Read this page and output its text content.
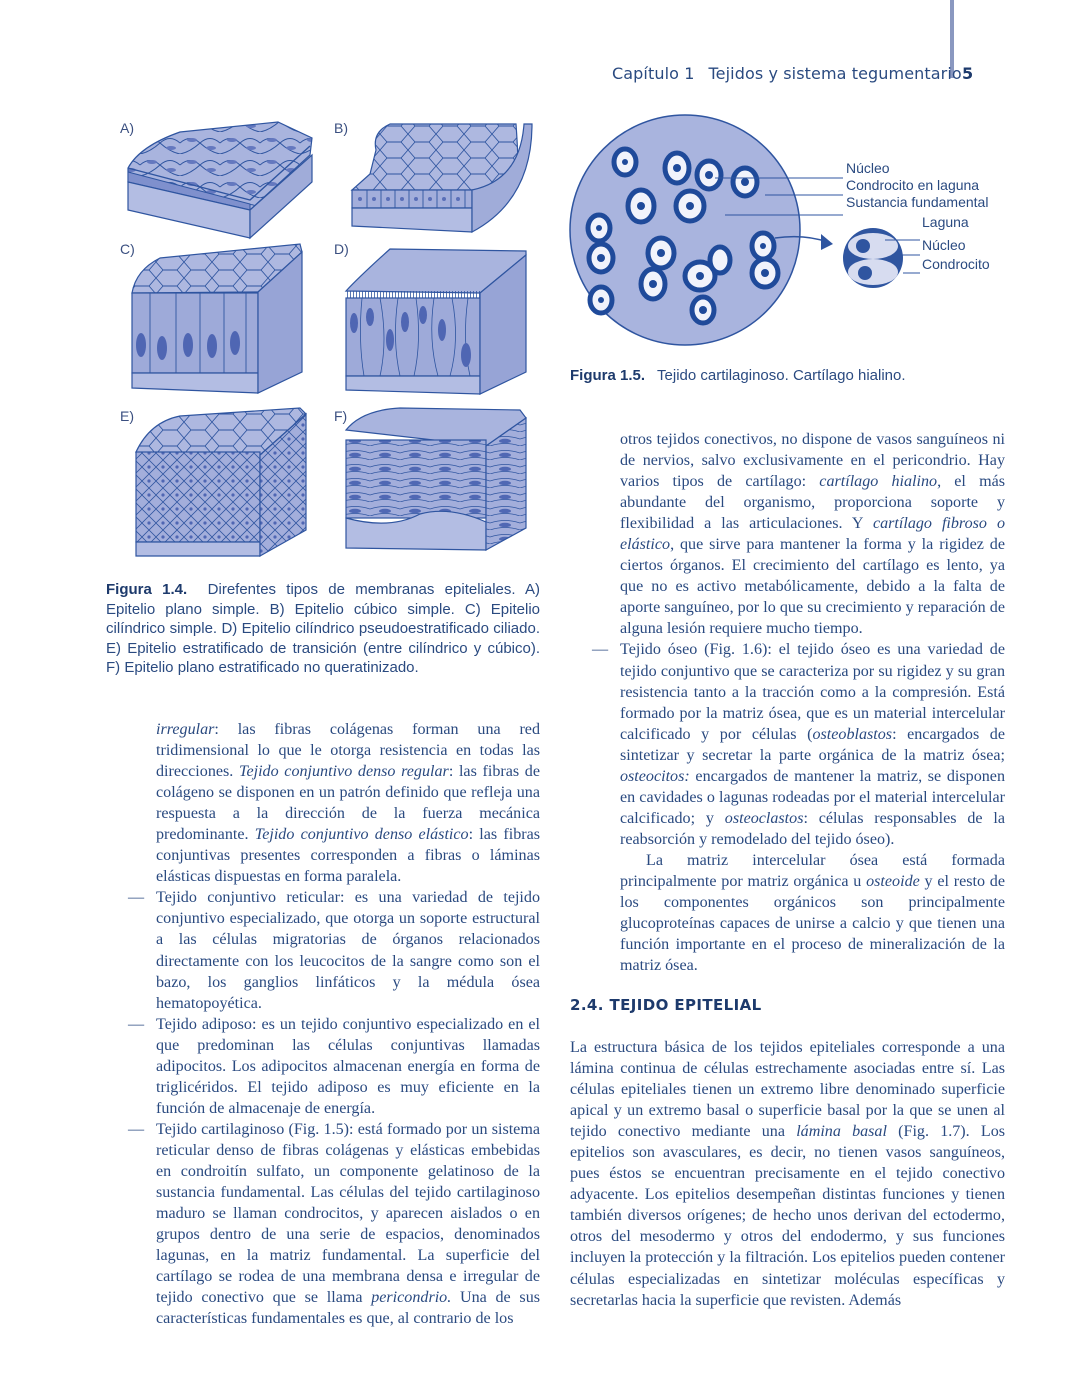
Capítulo 1 Tejidos y sistema tegumentario 5
A)	B)
C)	D)
E)	F)
Figura 1.4. Direfentes tipos de membranas epiteliales. A) Epitelio plano simple. B) Epitelio cúbico simple. C) Epitelio cilíndrico simple. D) Epitelio cilíndrico pseudoestratificado ciliado. E) Epitelio estratificado de transición (entre cilíndrico y cúbico). F) Epitelio plano estratificado no queratinizado.
Núcleo
Condrocito en laguna
Sustancia fundamental
Laguna
Núcleo
Condrocito
Figura 1.5. Tejido cartilaginoso. Cartílago hialino.

irregular: las fibras colágenas forman una red tridimensional lo que le otorga resistencia en todas las direcciones. Tejido conjuntivo denso regular: las fibras de colágeno se disponen en un patrón definido que refleja una respuesta a la dirección de la fuerza mecánica predominante. Tejido conjuntivo denso elástico: las fibras conjuntivas presentes corresponden a fibras o láminas elásticas dispuestas en forma paralela.

— Tejido conjuntivo reticular: es una variedad de tejido conjuntivo especializado, que otorga un soporte estructural a las células migratorias de órganos relacionados directamente con los leucocitos de la sangre como son el bazo, los ganglios linfáticos y la médula ósea hematopoyética.

— Tejido adiposo: es un tejido conjuntivo especializado en el que predominan las células conjuntivas llamadas adipocitos. Los adipocitos almacenan energía en forma de triglicéridos. El tejido adiposo es muy eficiente en la función de almacenaje de energía.

— Tejido cartilaginoso (Fig. 1.5): está formado por un sistema reticular denso de fibras colágenas y elásticas embebidas en condroitín sulfato, un componente gelatinoso de la sustancia fundamental. Las células del tejido cartilaginoso maduro se llaman condrocitos, y aparecen aislados o en grupos dentro de una serie de espacios, denominados lagunas, en la matriz fundamental. La superficie del cartílago se rodea de una membrana densa e irregular de tejido conectivo que se llama pericondrio. Una de sus características fundamentales es que, al contrario de los

otros tejidos conectivos, no dispone de vasos sanguíneos ni de nervios, salvo exclusivamente en el pericondrio. Hay varios tipos de cartílago: cartílago hialino, el más abundante del organismo, proporciona soporte y flexibilidad a las articulaciones. Y cartílago fibroso o elástico, que sirve para mantener la forma y la rigidez de ciertos órganos. El crecimiento del cartílago es lento, ya que no es activo metabólicamente, debido a la falta de aporte sanguíneo, por lo que su crecimiento y reparación de alguna lesión requiere mucho tiempo.

— Tejido óseo (Fig. 1.6): el tejido óseo es una variedad de tejido conjuntivo que se caracteriza por su rigidez y su gran resistencia tanto a la tracción como a la compresión. Está formado por la matriz ósea, que es un material intercelular calcificado y por células (osteoblastos: encargados de sintetizar y secretar la parte orgánica de la matriz ósea; osteocitos: encargados de mantener la matriz, se disponen en cavidades o lagunas rodeadas por el material intercelular calcificado; y osteoclastos: células responsables de la reabsorción y remodelado del tejido óseo).

La matriz intercelular ósea está formada principalmente por matriz orgánica u osteoide y el resto de los componentes orgánicos son principalmente glucoproteínas capaces de unirse a calcio y que tienen una función importante en el proceso de mineralización de la matriz ósea.

2.4. TEJIDO EPITELIAL

La estructura básica de los tejidos epiteliales corresponde a una lámina continua de células estrechamente asociadas entre sí. Las células epiteliales tienen un extremo libre denominado superficie apical y un extremo basal o superficie basal por la que se unen al tejido conectivo mediante una lámina basal (Fig. 1.7). Los epitelios son avasculares, es decir, no tienen vasos sanguíneos, pues éstos se encuentran precisamente en el tejido conectivo adyacente. Los epitelios desempeñan distintas funciones y tienen también diversos orígenes; de hecho unos derivan del ectodermo, otros del mesodermo y otros del endodermo, y sus funciones incluyen la protección y la filtración. Los epitelios pueden contener células especializadas en sintetizar moléculas específicas y secretarlas hacia la superficie que revisten. Además
